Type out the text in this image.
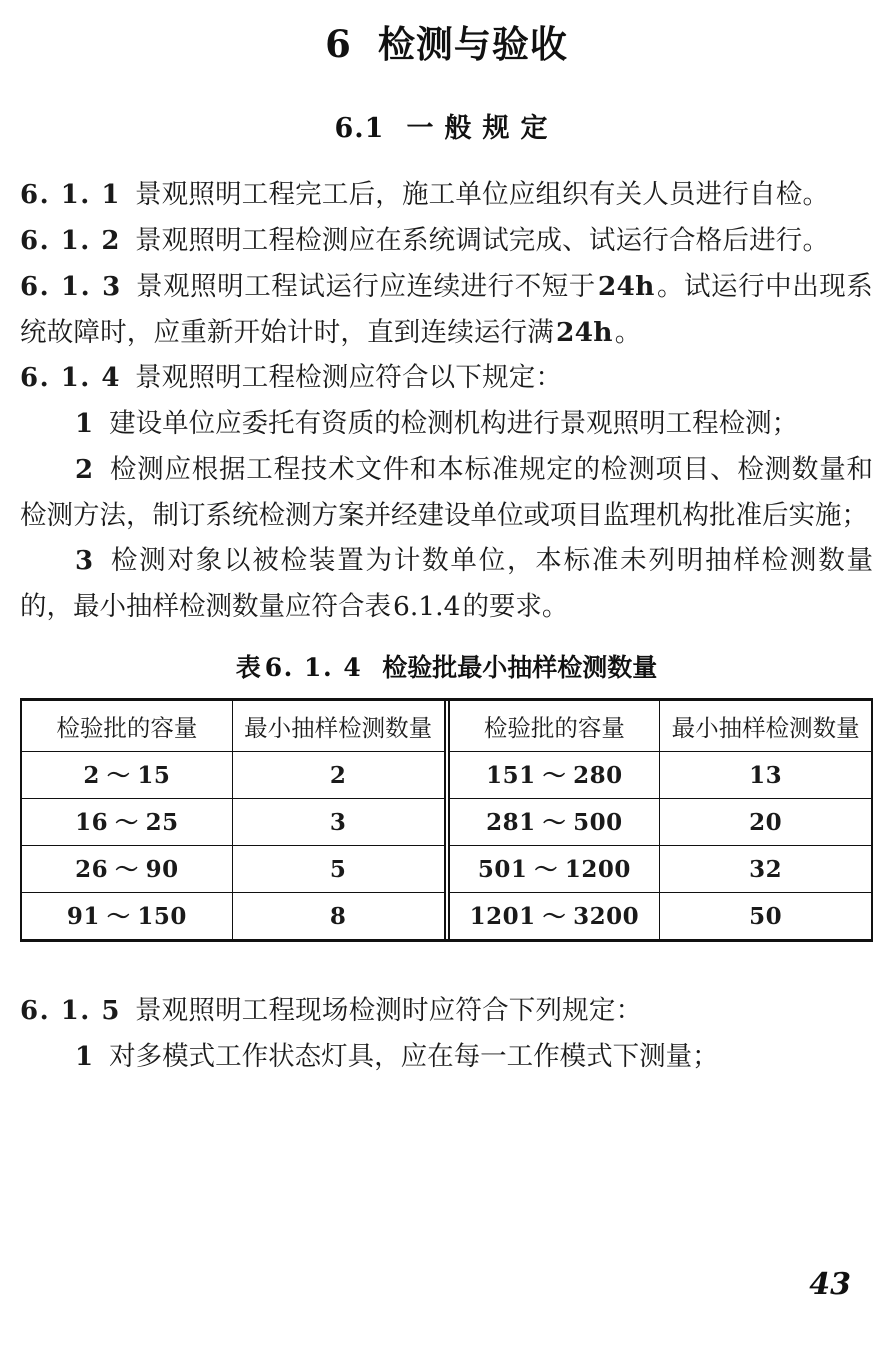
6 检测与验收
6.1 一般规定

6. 1. 1 景观照明工程完工后，施工单位应组织有关人员进行自检。

6. 1. 2 景观照明工程检测应在系统调试完成、试运行合格后进行。

6. 1. 3 景观照明工程试运行应连续进行不短于24h。试运行中出现系统故障时，应重新开始计时，直到连续运行满24h。

6. 1. 4 景观照明工程检测应符合以下规定：

1 建设单位应委托有资质的检测机构进行景观照明工程检测；

2 检测应根据工程技术文件和本标准规定的检测项目、检测数量和检测方法，制订系统检测方案并经建设单位或项目监理机构批准后实施；

3 检测对象以被检装置为计数单位，本标准未列明抽样检测数量的，最小抽样检测数量应符合表6.1.4的要求。

表 6. 1. 4 检验批最小抽样检测数量
检验批的容量	最小抽样检测数量
2 ～ 15	2
16 ～ 25	3
26 ～ 90	5
91 ～ 150	8
检验批的容量	最小抽样检测数量
151 ～ 280	13
281 ～ 500	20
501 ～ 1200	32
1201 ～ 3200	50

6. 1. 5 景观照明工程现场检测时应符合下列规定：

1 对多模式工作状态灯具，应在每一工作模式下测量；

43
